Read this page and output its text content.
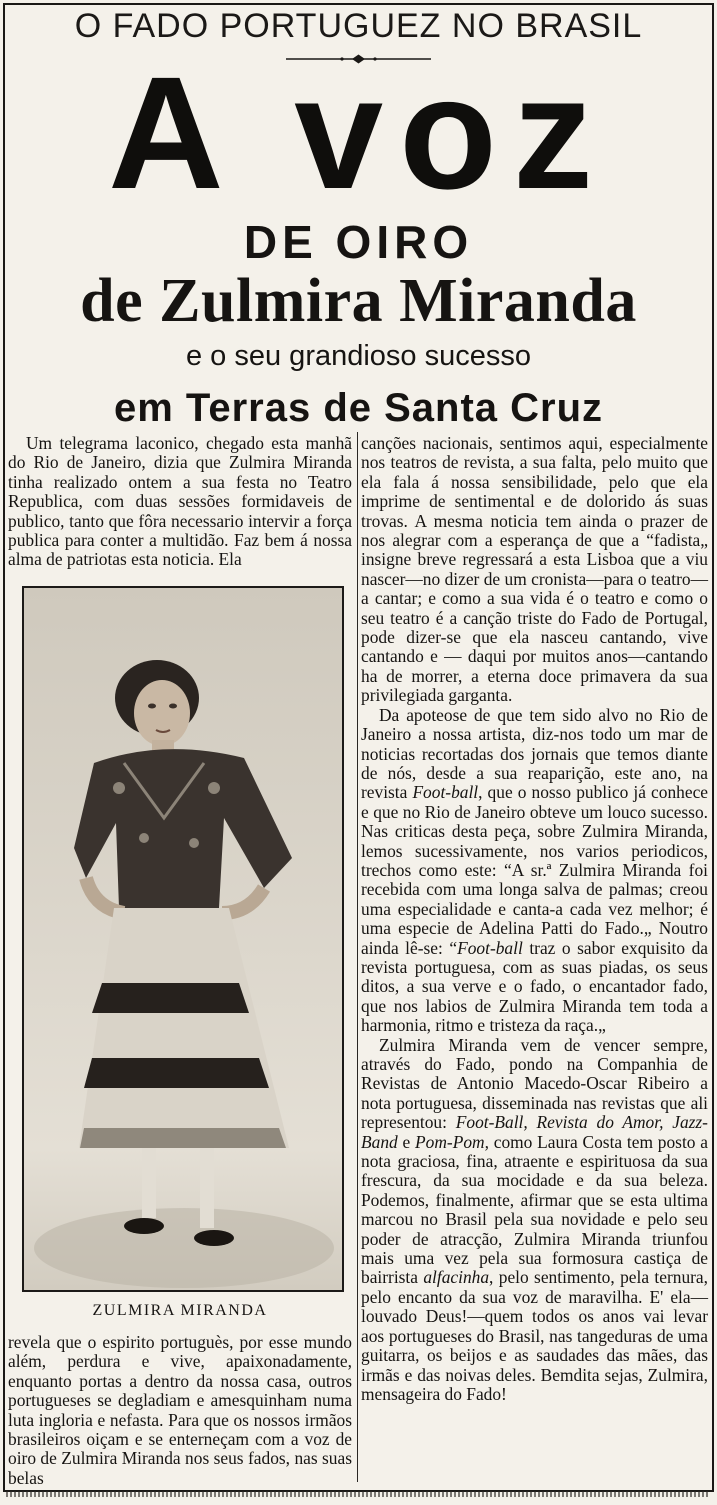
O FADO PORTUGUEZ NO BRASIL
A voz
DE OIRO
de Zulmira Miranda
e o seu grandioso sucesso
em Terras de Santa Cruz

Um telegrama laconico, chegado esta manhã do Rio de Janeiro, dizia que Zulmira Miranda tinha realizado ontem a sua festa no Teatro Republica, com duas sessões formidaveis de publico, tanto que fôra necessario intervir a força publica para conter a multidão. Faz bem á nossa alma de patriotas esta noticia. Ela

ZULMIRA MIRANDA

revela que o espirito portuguès, por esse mundo além, perdura e vive, apaixonadamente, enquanto portas a dentro da nossa casa, outros portugueses se degladiam e amesquinham numa luta ingloria e nefasta. Para que os nossos irmãos brasileiros oiçam e se enterneçam com a voz de oiro de Zulmira Miranda nos seus fados, nas suas belas

canções nacionais, sentimos aqui, especialmente nos teatros de revista, a sua falta, pelo muito que ela fala á nossa sensibilidade, pelo que ela imprime de sentimental e de dolorido ás suas trovas. A mesma noticia tem ainda o prazer de nos alegrar com a esperança de que a “fadista„ insigne breve regressará a esta Lisboa que a viu nascer—no dizer de um cronista—para o teatro—a cantar; e como a sua vida é o teatro e como o seu teatro é a canção triste do Fado de Portugal, pode dizer-se que ela nasceu cantando, vive cantando e — daqui por muitos anos—cantando ha de morrer, a eterna doce primavera da sua privilegiada garganta.

Da apoteose de que tem sido alvo no Rio de Janeiro a nossa artista, diz-nos todo um mar de noticias recortadas dos jornais que temos diante de nós, desde a sua reaparição, este ano, na revista Foot-ball, que o nosso publico já conhece e que no Rio de Janeiro obteve um louco sucesso. Nas criticas desta peça, sobre Zulmira Miranda, lemos sucessivamente, nos varios periodicos, trechos como este: “A sr.ª Zulmira Miranda foi recebida com uma longa salva de palmas; creou uma especialidade e canta-a cada vez melhor; é uma especie de Adelina Patti do Fado.„ Noutro ainda lê-se: “Foot-ball traz o sabor exquisito da revista portuguesa, com as suas piadas, os seus ditos, a sua verve e o fado, o encantador fado, que nos labios de Zulmira Miranda tem toda a harmonia, ritmo e tristeza da raça.„

Zulmira Miranda vem de vencer sempre, através do Fado, pondo na Companhia de Revistas de Antonio Macedo-Oscar Ribeiro a nota portuguesa, disseminada nas revistas que ali representou: Foot-Ball, Revista do Amor, Jazz-Band e Pom-Pom, como Laura Costa tem posto a nota graciosa, fina, atraente e espirituosa da sua frescura, da sua mocidade e da sua beleza. Podemos, finalmente, afirmar que se esta ultima marcou no Brasil pela sua novidade e pelo seu poder de atracção, Zulmira Miranda triunfou mais uma vez pela sua formosura castiça de bairrista alfacinha, pelo sentimento, pela ternura, pelo encanto da sua voz de maravilha. E' ela—louvado Deus!—quem todos os anos vai levar aos portugueses do Brasil, nas tangeduras de uma guitarra, os beijos e as saudades das mães, das irmãs e das noivas deles. Bemdita sejas, Zulmira, mensageira do Fado!
